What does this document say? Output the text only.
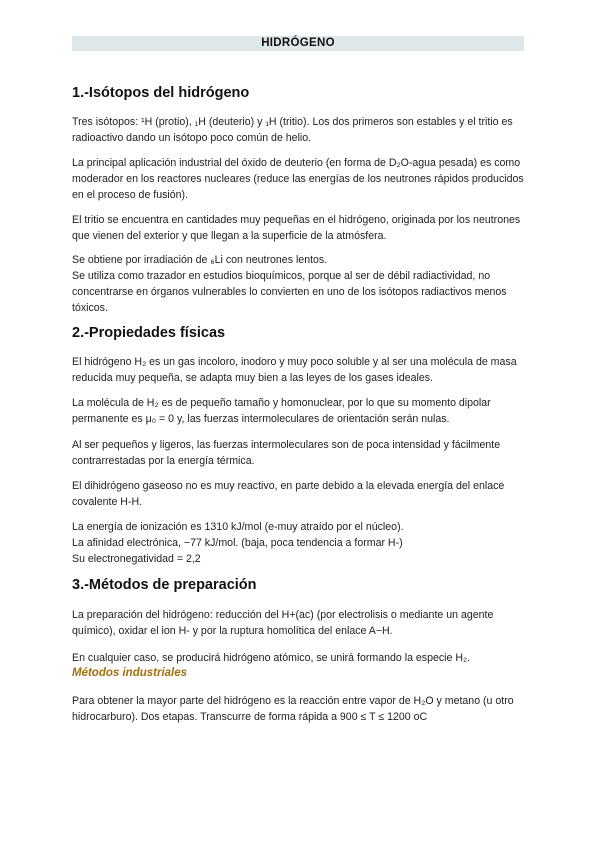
HIDRÓGENO
1.-Isótopos del hidrógeno

Tres isótopos: ¹H (protio), ₁H (deuterio) y ₁H (tritio). Los dos primeros son estables y el tritio es radioactivo dando un isótopo poco común de helio.

La principal aplicación industrial del óxido de deuterio (en forma de D₂O-agua pesada) es como moderador en los reactores nucleares (reduce las energías de los neutrones rápidos producidos en el proceso de fusión).

El tritio se encuentra en cantidades muy pequeñas en el hidrógeno, originada por los neutrones que vienen del exterior y que llegan a la superficie de la atmósfera.

Se obtiene por irradiación de ₆Li con neutrones lentos.

Se utiliza como trazador en estudios bioquímicos, porque al ser de débil radiactividad, no concentrarse en órganos vulnerables lo convierten en uno de los isótopos radiactivos menos tóxicos.

2.-Propiedades físicas

El hidrógeno H₂ es un gas incoloro, inodoro y muy poco soluble y al ser una molécula de masa reducida muy pequeña, se adapta muy bien a las leyes de los gases ideales.

La molécula de H₂ es de pequeño tamaño y homonuclear, por lo que su momento dipolar permanente es μ₀ = 0 y, las fuerzas intermoleculares de orientación serán nulas.

Al ser pequeños y ligeros, las fuerzas intermoleculares son de poca intensidad y fácilmente contrarrestadas por la energía térmica.

El dihidrógeno gaseoso no es muy reactivo, en parte debido a la elevada energía del enlace covalente H-H.

La energía de ionización es 1310 kJ/mol (e-muy atraído por el núcleo).

La afinidad electrónica, −77 kJ/mol. (baja, poca tendencia a formar H-)

Su electronegatividad = 2,2

3.-Métodos de preparación

La preparación del hidrógeno: reducción del H+(ac) (por electrolisis o mediante un agente químico), oxidar el ion H- y por la ruptura homolítica del enlace A−H.

En cualquier caso, se producirá hidrógeno atómico, se unirá formando la especie H₂.

Métodos industriales

Para obtener la mayor parte del hidrógeno es la reacción entre vapor de H₂O y metano (u otro hidrocarburo). Dos etapas. Transcurre de forma rápida a 900 ≤ T ≤ 1200 oC
